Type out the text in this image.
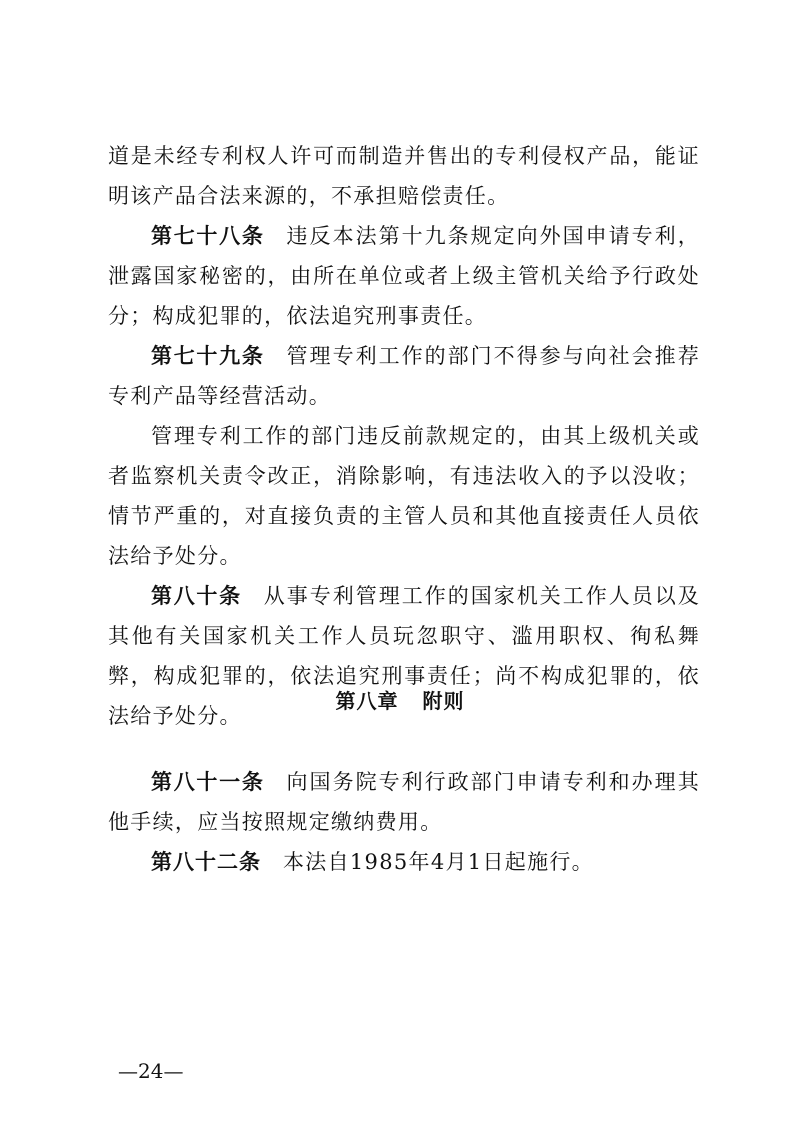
道是未经专利权人许可而制造并售出的专利侵权产品，能证明该产品合法来源的，不承担赔偿责任。

第七十八条 违反本法第十九条规定向外国申请专利，泄露国家秘密的，由所在单位或者上级主管机关给予行政处分；构成犯罪的，依法追究刑事责任。

第七十九条 管理专利工作的部门不得参与向社会推荐专利产品等经营活动。

管理专利工作的部门违反前款规定的，由其上级机关或者监察机关责令改正，消除影响，有违法收入的予以没收；情节严重的，对直接负责的主管人员和其他直接责任人员依法给予处分。

第八十条 从事专利管理工作的国家机关工作人员以及其他有关国家机关工作人员玩忽职守、滥用职权、徇私舞弊，构成犯罪的，依法追究刑事责任；尚不构成犯罪的，依法给予处分。

第八章 附则

第八十一条 向国务院专利行政部门申请专利和办理其他手续，应当按照规定缴纳费用。

第八十二条 本法自1985年4月1日起施行。

—24—
